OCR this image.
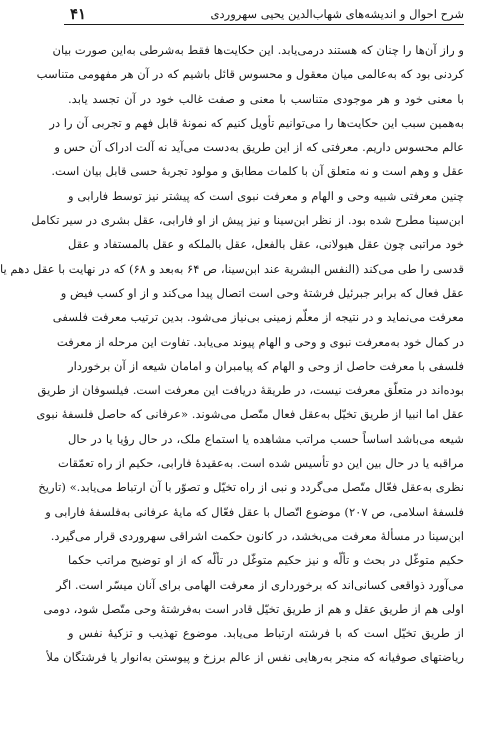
شرح احوال و اندیشه‌های شهاب‌الدین یحیی سهروردی
۴۱
و راز آن‌ها را چنان که هستند درمی‌یابد. این حکایت‌ها فقط به‌شرطی به‌این صورت بیان
کردنی بود که به‌عالمی میان معقول و محسوس قائل باشیم که در آن هر مفهومی متناسب
با معنی خود و هر موجودی متناسب با معنی و صفت غالب خود در آن تجسد یابد.
به‌همین سبب این حکایت‌ها را می‌توانیم تأویل کنیم که نمونهٔ قابل فهم و تجربی آن را در
عالم محسوس داریم. معرفتی که از این طریق به‌دست می‌آید نه آلت ادراک آن حس و
عقل و وهم است و نه متعلق آن با کلمات مطابق و مولود تجربهٔ حسی قابل بیان است.
چنین معرفتی شبیه وحی و الهام و معرفت نبوی است که پیشتر نیز توسط فارابی و
ابن‌سینا مطرح شده بود. از نظر ابن‌سینا و نیز پیش از او فارابی، عقل بشری در سیر تکامل
خود مراتبی چون عقل هیولانی، عقل بالفعل، عقل بالملکه و عقل بالمستفاد و عقل
قدسی را طی می‌کند (النفس البشریة عند ابن‌سینا، ص ۶۴ به‌بعد و ۶۸) که در نهایت با عقل دهم یا
عقل فعال که برابر جبرئیل فرشتهٔ وحی است اتصال پیدا می‌کند و از او کسب فیض و
معرفت می‌نماید و در نتیجه از معلّم زمینی بی‌نیاز می‌شود. بدین ترتیب معرفت فلسفی
در کمال خود به‌معرفت نبوی و وحی و الهام پیوند می‌یابد. تفاوت این مرحله از معرفت
فلسفی با معرفت حاصل از وحی و الهام که پیامبران و امامان شیعه از آن برخوردار
بوده‌اند در متعلّق معرفت نیست، در طریقهٔ دریافت این معرفت است. فیلسوفان از طریق
عقل اما انبیا از طریق تخیّل به‌عقل فعال متّصل می‌شوند. «عرفانی که حاصل فلسفهٔ نبوی
شیعه می‌باشد اساساً حسب مراتب مشاهده یا استماع ملک، در حال رؤیا یا در حال
مراقبه یا در حال بین این دو تأسیس شده است. به‌عقیدهٔ فارابی، حکیم از راه تعمّقات
نظری به‌عقل فعّال متّصل می‌گردد و نبی از راه تخیّل و تصوّر با آن ارتباط می‌یابد.» (تاریخ
فلسفهٔ اسلامی، ص ۲۰۷) موضوع اتّصال با عقل فعّال که مایهٔ عرفانی به‌فلسفهٔ فارابی و
ابن‌سینا در مسألهٔ معرفت می‌بخشد، در کانون حکمت اشراقی سهروردی قرار می‌گیرد.
حکیم متوغّل در بحث و تألّه و نیز حکیم متوغّل در تألّه که از او توضیح مراتب حکما
می‌آورد ذواقعی کسانی‌اند که برخورداری از معرفت الهامی برای آنان میسّر است. اگر
اولی هم از طریق عقل و هم از طریق تخیّل قادر است به‌فرشتهٔ وحی متّصل شود، دومی
از طریق تخیّل است که با فرشته ارتباط می‌یابد. موضوع تهذیب و تزکیهٔ نفس و
ریاضتهای صوفیانه که منجر به‌رهایی نفس از عالم برزخ و پیوستن به‌انوار یا فرشتگان ملأ
